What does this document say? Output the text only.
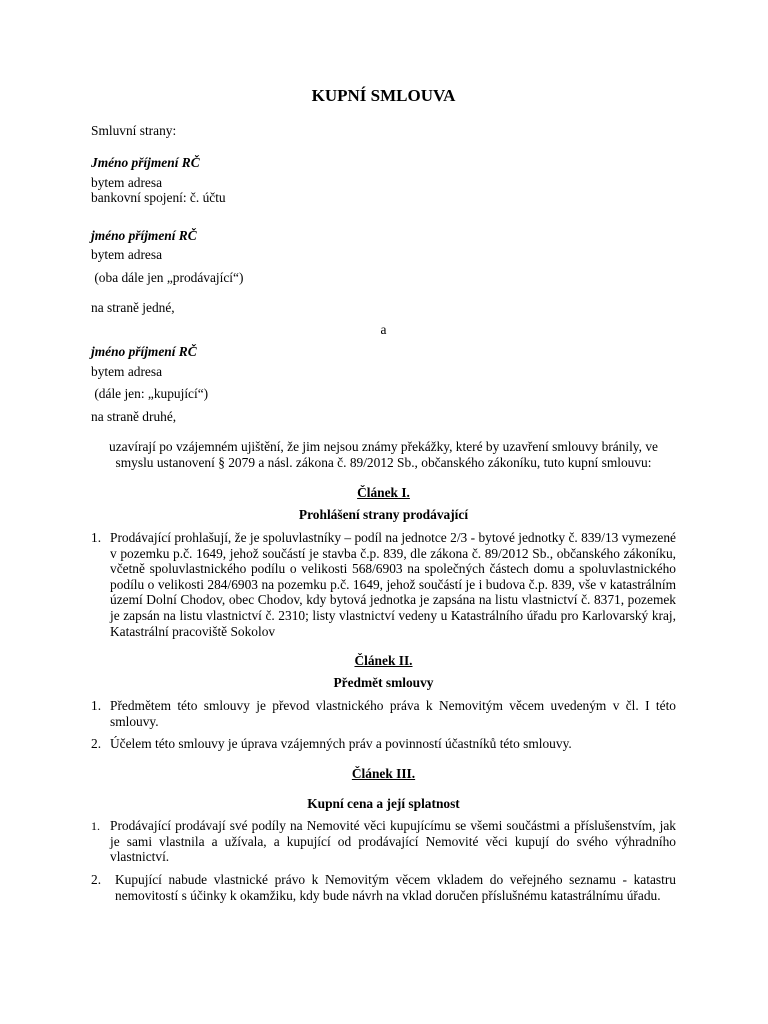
KUPNÍ SMLOUVA
Smluvní strany:
Jméno příjmení RČ
bytem adresa
bankovní spojení: č. účtu
jméno příjmení RČ
bytem adresa
(oba dále jen „prodávající“)
na straně jedné,
a
jméno příjmení RČ
bytem adresa
(dále jen: „kupující“)
na straně druhé,
uzavírají po vzájemném ujištění, že jim nejsou známy překážky, které by uzavření smlouvy bránily, ve smyslu ustanovení § 2079 a násl. zákona č. 89/2012 Sb., občanského zákoníku, tuto kupní smlouvu:
Článek I.
Prohlášení strany prodávající
1. Prodávající prohlašují, že je spoluvlastníky – podíl na jednotce 2/3 - bytové jednotky č. 839/13 vymezené v pozemku p.č. 1649, jehož součástí je stavba č.p. 839, dle zákona č. 89/2012 Sb., občanského zákoníku, včetně spoluvlastnického podílu o velikosti 568/6903 na společných částech domu a spoluvlastnického podílu o velikosti 284/6903 na pozemku p.č. 1649, jehož součástí je i budova č.p. 839, vše v katastrálním území Dolní Chodov, obec Chodov, kdy bytová jednotka je zapsána na listu vlastnictví č. 8371, pozemek je zapsán na listu vlastnictví č. 2310; listy vlastnictví vedeny u Katastrálního úřadu pro Karlovarský kraj, Katastrální pracoviště Sokolov
Článek II.
Předmět smlouvy
1. Předmětem této smlouvy je převod vlastnického práva k Nemovitým věcem uvedeným v čl. I této smlouvy.
2. Účelem této smlouvy je úprava vzájemných práv a povinností účastníků této smlouvy.
Článek III.
Kupní cena a její splatnost
1. Prodávající prodávají své podíly na Nemovité věci kupujícímu se všemi součástmi a příslušenstvím, jak je sami vlastnila a užívala, a kupující od prodávající Nemovité věci kupují do svého výhradního vlastnictví.
2. Kupující nabude vlastnické právo k Nemovitým věcem vkladem do veřejného seznamu - katastru nemovitostí s účinky k okamžiku, kdy bude návrh na vklad doručen příslušnému katastrálnímu úřadu.
